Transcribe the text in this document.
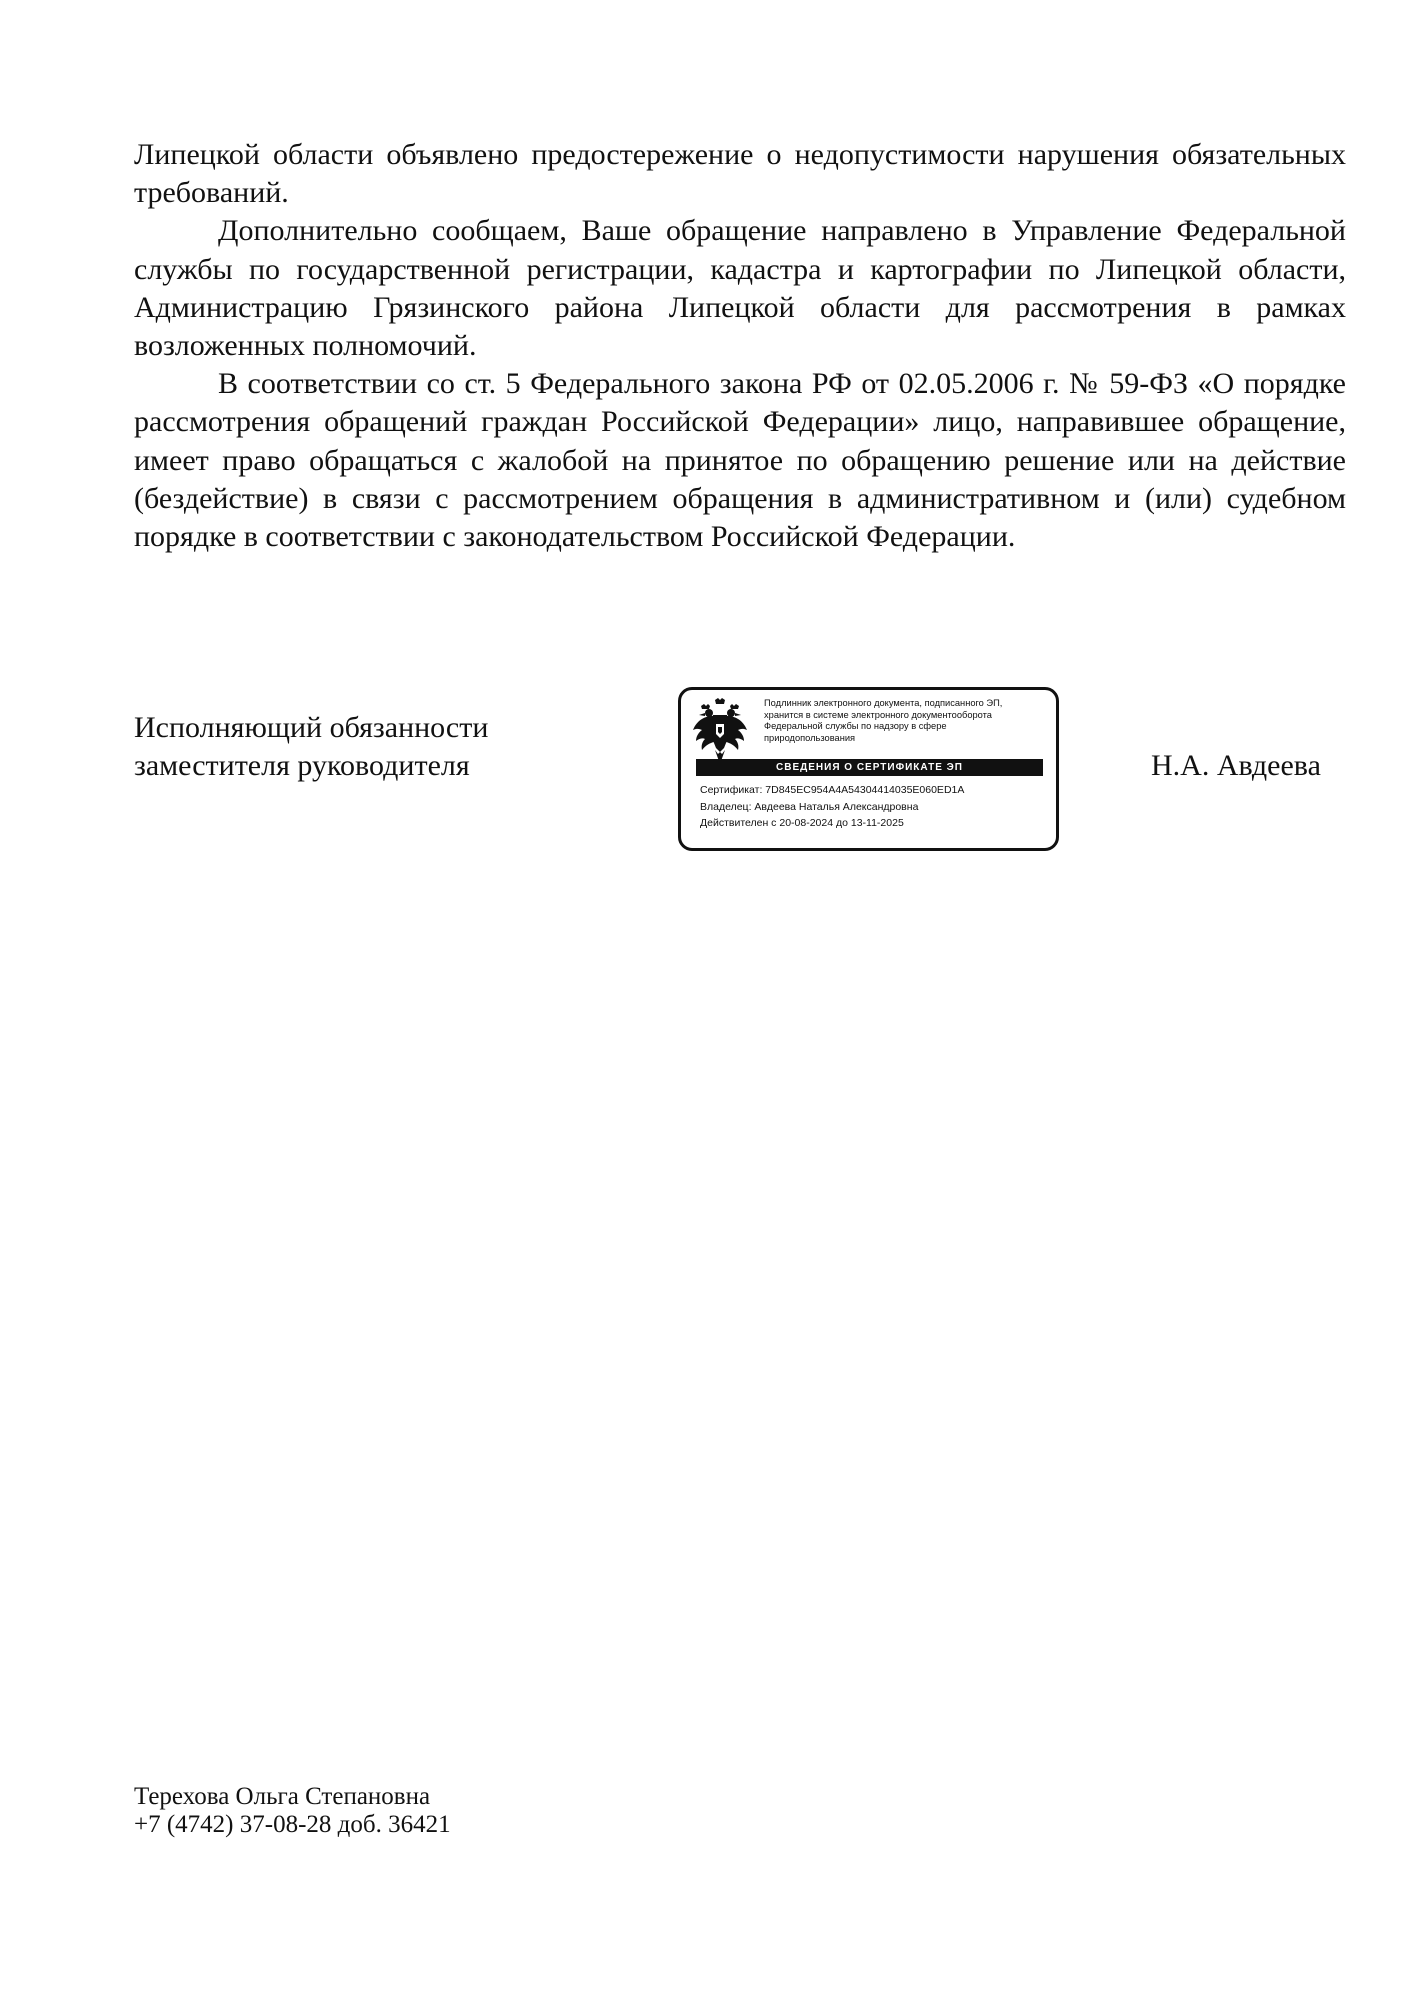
Липецкой области объявлено предостережение о недопустимости нарушения обязательных требований.

Дополнительно сообщаем, Ваше обращение направлено в Управление Федеральной службы по государственной регистрации, кадастра и картографии по Липецкой области, Администрацию Грязинского района Липецкой области для рассмотрения в рамках возложенных полномочий.

В соответствии со ст. 5 Федерального закона РФ от 02.05.2006 г. № 59-ФЗ «О порядке рассмотрения обращений граждан Российской Федерации» лицо, направившее обращение, имеет право обращаться с жалобой на принятое по обращению решение или на действие (бездействие) в связи с рассмотрением обращения в административном и (или) судебном порядке в соответствии с законодательством Российской Федерации.

Исполняющий обязанности
заместителя руководителя
Подлинник электронного документа, подписанного ЭП,
хранится в системе электронного документооборота
Федеральной службы по надзору в сфере
природопользования
СВЕДЕНИЯ О СЕРТИФИКАТЕ ЭП
Сертификат: 7D845EC954A4A54304414035E060ED1A
Владелец: Авдеева Наталья Александровна
Действителен с 20-08-2024 до 13-11-2025
Н.А. Авдеева
Терехова Ольга Степановна
+7 (4742) 37-08-28 доб. 36421
